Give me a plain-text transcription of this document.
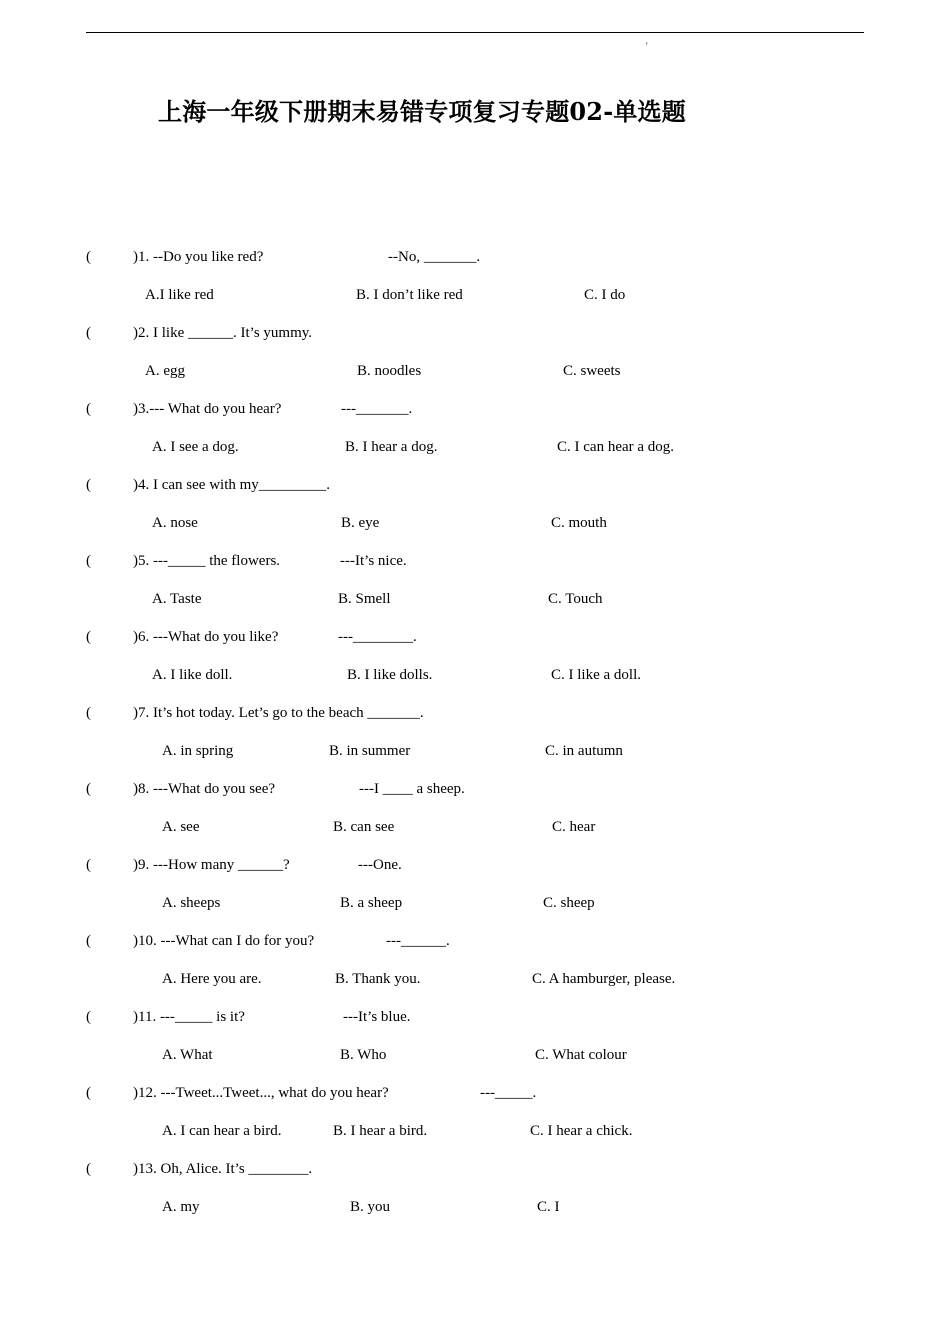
'
上海一年级下册期末易错专项复习专题02-单选题
(	)1. --Do you like red?	--No, _______.
A.I like red	B. I don’t like red	C. I do
(	)2. I like ______. It’s yummy.
A. egg	B. noodles	C. sweets
(	)3.--- What do you hear?	---_______.
A. I see a dog.	B. I hear a dog.	C. I can hear a dog.
(	)4. I can see with my_________.
A. nose	B. eye	C. mouth
(	)5. ---_____ the flowers.	---It’s nice.
A. Taste	B. Smell	C. Touch
(	)6. ---What do you like?	---________.
A. I like doll.	B. I like dolls.	C. I like a doll.
(	)7. It’s hot today. Let’s go to the beach _______.
A. in spring	B. in summer	C. in autumn
(	)8. ---What do you see?	---I ____ a sheep.
A. see	B. can see	C. hear
(	)9. ---How many ______?	---One.
A. sheeps	B. a sheep	C. sheep
(	)10. ---What can I do for you?	---______.
A. Here you are.	B. Thank you.	C. A hamburger, please.
(	)11. ---_____ is it?	---It’s blue.
A. What	B. Who	C. What colour
(	)12. ---Tweet...Tweet..., what do you hear?	---_____.
A. I can hear a bird.	B. I hear a bird.	C. I hear a chick.
(	)13. Oh, Alice. It’s ________.
A. my	B. you	C. I
